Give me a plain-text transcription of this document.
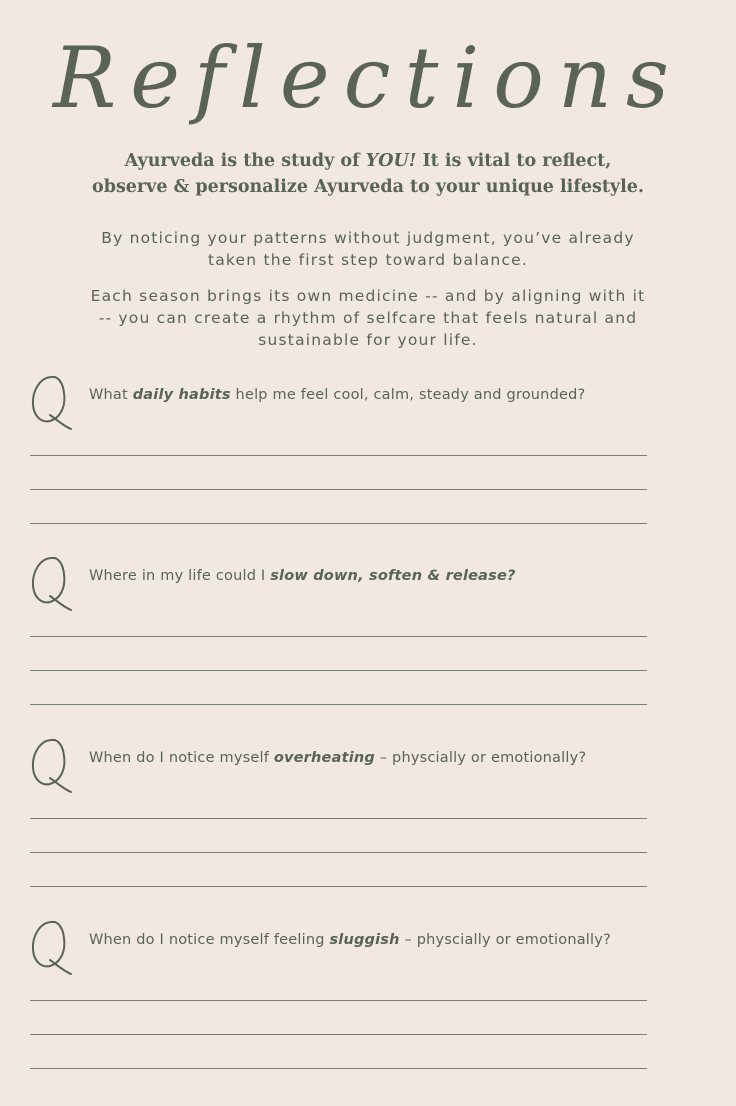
Reflections
Ayurveda is the study of YOU! It is vital to reflect,
observe & personalize Ayurveda to your unique lifestyle.
By noticing your patterns without judgment, you’ve already
taken the first step toward balance.
Each season brings its own medicine -- and by aligning with it
-- you can create a rhythm of selfcare that feels natural and
sustainable for your life.
What daily habits help me feel cool, calm, steady and grounded?
Where in my life could I slow down, soften & release?
When do I notice myself overheating – physcially or emotionally?
When do I notice myself feeling sluggish – physcially or emotionally?
